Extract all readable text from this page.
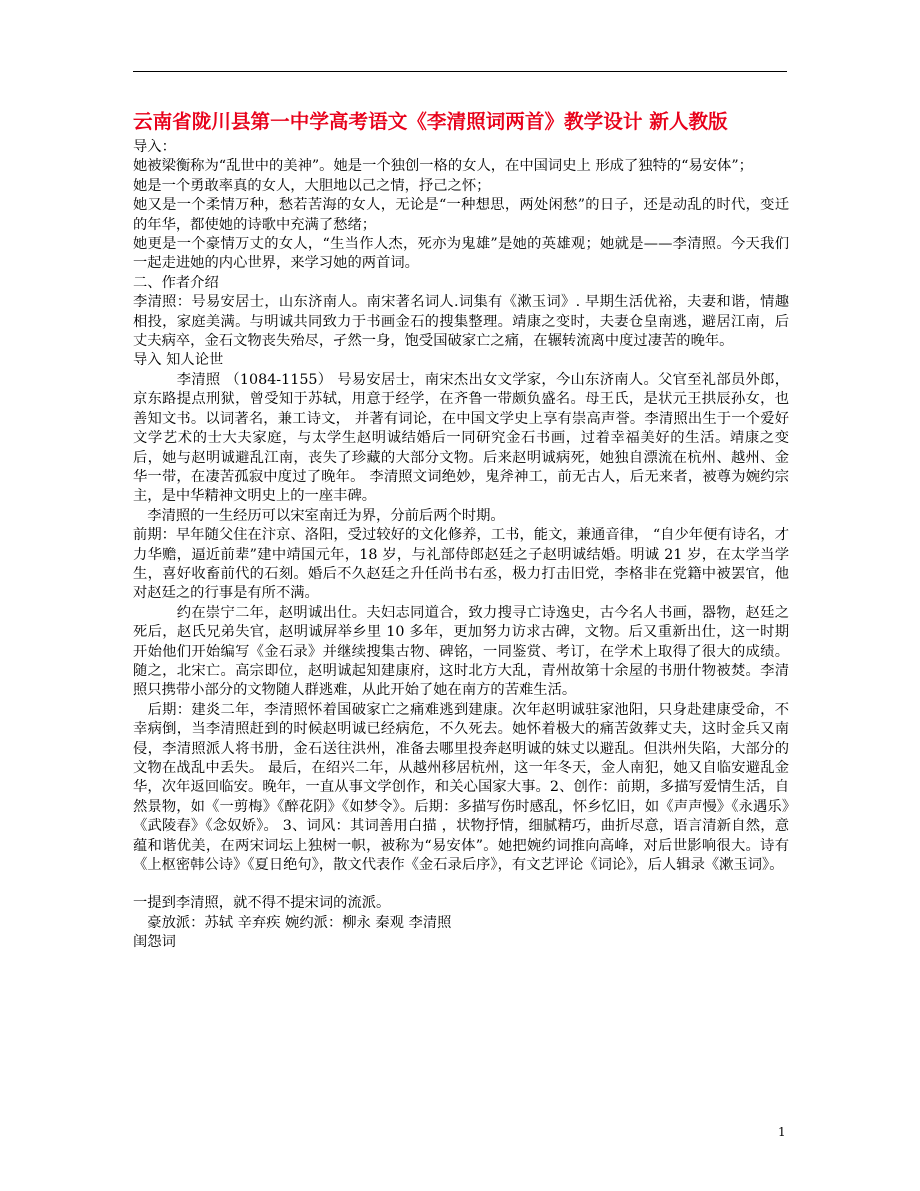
云南省陇川县第一中学高考语文《李清照词两首》教学设计 新人教版

导入：

她被梁衡称为“乱世中的美神”。她是一个独创一格的女人，在中国词史上 形成了独特的“易安体”；

她是一个勇敢率真的女人，大胆地以己之情，抒己之怀；

她又是一个柔情万种，愁若苦海的女人，无论是“一种想思，两处闲愁”的日子，还是动乱的时代，变迁的年华，都使她的诗歌中充满了愁绪；

她更是一个豪情万丈的女人，“生当作人杰，死亦为鬼雄”是她的英雄观；她就是——李清照。今天我们一起走进她的内心世界，来学习她的两首词。

二、作者介绍

李清照：号易安居士，山东济南人。南宋著名词人.词集有《漱玉词》. 早期生活优裕，夫妻和谐，情趣相投，家庭美满。与明诚共同致力于书画金石的搜集整理。靖康之变时，夫妻仓皇南逃，避居江南，后丈夫病卒，金石文物丧失殆尽，孑然一身，饱受国破家亡之痛，在辗转流离中度过凄苦的晚年。

导入 知人论世

　　　李清照 （1084-1155） 号易安居士，南宋杰出女文学家，今山东济南人。父官至礼部员外郎，京东路提点刑狱，曾受知于苏轼，用意于经学，在齐鲁一带颇负盛名。母王氏，是状元王拱辰孙女，也善知文书。以词著名，兼工诗文， 并著有词论，在中国文学史上享有崇高声誉。李清照出生于一个爱好文学艺术的士大夫家庭，与太学生赵明诚结婚后一同研究金石书画，过着幸福美好的生活。靖康之变后，她与赵明诚避乱江南，丧失了珍藏的大部分文物。后来赵明诚病死，她独自漂流在杭州、越州、金华一带，在凄苦孤寂中度过了晚年。 李清照文词绝妙，鬼斧神工，前无古人，后无来者，被尊为婉约宗主，是中华精神文明史上的一座丰碑。

　李清照的一生经历可以宋室南迁为界，分前后两个时期。

前期：早年随父住在汴京、洛阳，受过较好的文化修养，工书，能文，兼通音律， “自少年便有诗名，才力华赡，逼近前辈”建中靖国元年，18 岁，与礼部侍郎赵廷之子赵明诚结婚。明诚 21 岁，在太学当学生，喜好收畜前代的石刻。婚后不久赵廷之升任尚书右丞，极力打击旧党，李格非在党籍中被罢官，他对赵廷之的行事是有所不满。

　　　约在崇宁二年，赵明诚出仕。夫妇志同道合，致力搜寻亡诗逸史，古今名人书画，器物，赵廷之死后，赵氏兄弟失官，赵明诚屏举乡里 10 多年，更加努力访求古碑，文物。后又重新出仕，这一时期开始他们开始编写《金石录》并继续搜集古物、碑铭，一同鉴赏、考订，在学术上取得了很大的成绩。随之，北宋亡。高宗即位，赵明诚起知建康府，这时北方大乱，青州故第十余屋的书册什物被焚。李清照只携带小部分的文物随人群逃难，从此开始了她在南方的苦难生活。

　后期：建炎二年，李清照怀着国破家亡之痛难逃到建康。次年赵明诚驻家池阳，只身赴建康受命，不幸病倒，当李清照赶到的时候赵明诚已经病危，不久死去。她怀着极大的痛苦敛葬丈夫，这时金兵又南侵，李清照派人将书册，金石送往洪州，准备去哪里投奔赵明诚的妹丈以避乱。但洪州失陷，大部分的文物在战乱中丢失。 最后，在绍兴二年，从越州移居杭州，这一年冬天，金人南犯，她又自临安避乱金华，次年返回临安。晚年，一直从事文学创作，和关心国家大事。2、创作：前期，多描写爱情生活，自然景物，如《一剪梅》《醉花阴》《如梦令》。后期：多描写伤时感乱，怀乡忆旧，如《声声慢》《永遇乐》《武陵春》《念奴娇》。 3、词风：其词善用白描 ，状物抒情，细腻精巧，曲折尽意，语言清新自然，意蕴和谐优美，在两宋词坛上独树一帜，被称为“易安体”。她把婉约词推向高峰，对后世影响很大。诗有《上枢密韩公诗》《夏日绝句》，散文代表作《金石录后序》，有文艺评论《词论》，后人辑录《漱玉词》。

一提到李清照，就不得不提宋词的流派。

　豪放派：苏轼 辛弃疾 婉约派：柳永 秦观 李清照

闺怨词

1
